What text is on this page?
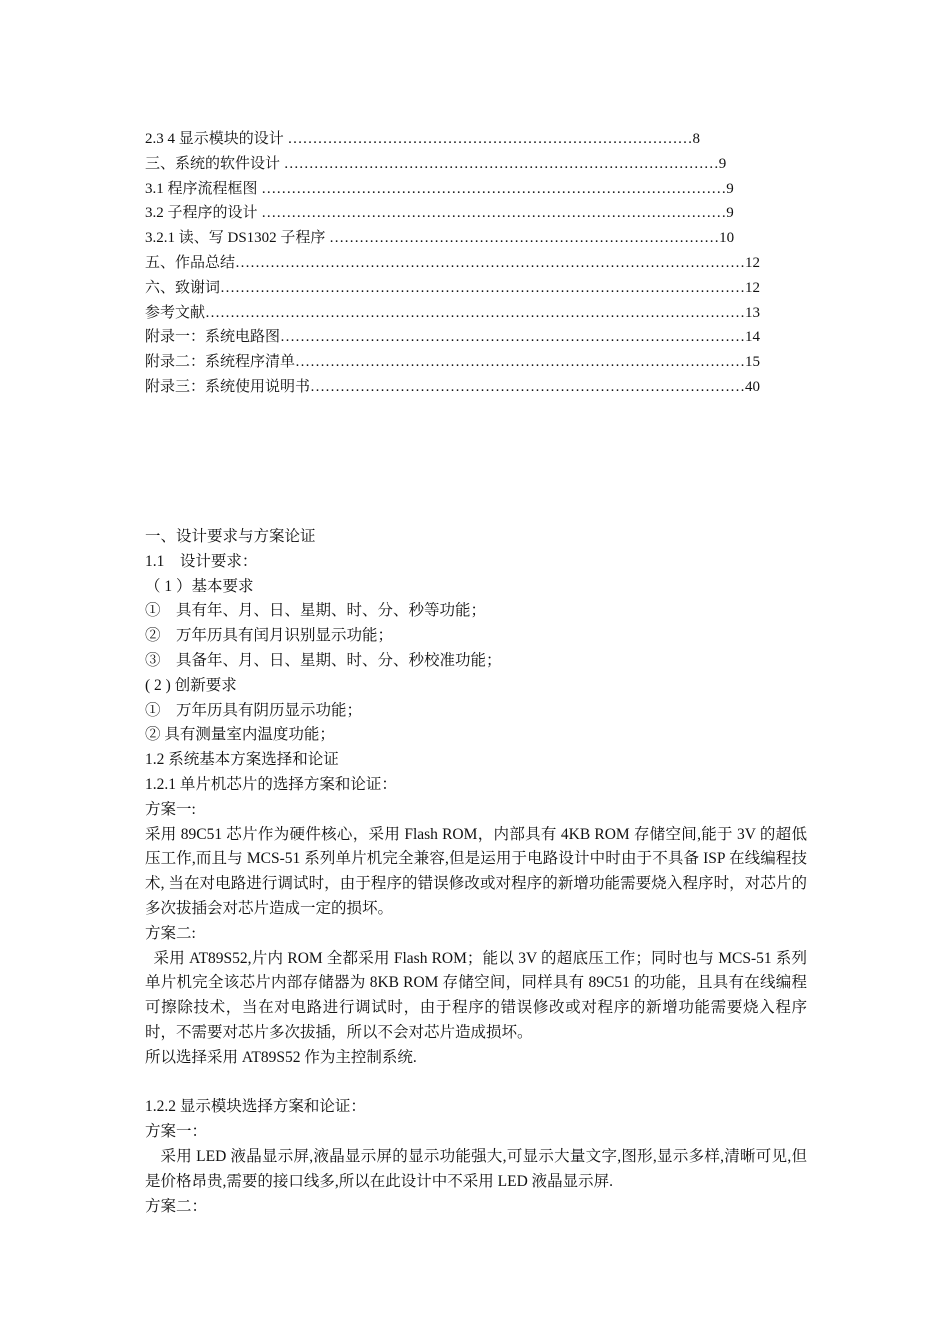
2.3 4 显示模块的设计 ………………………………………………………………………8
三、系统的软件设计 ……………………………………………………………………………9
3.1 程序流程框图 …………………………………………………………………………………9
3.2 子程序的设计 …………………………………………………………………………………9
3.2.1 读、写 DS1302 子程序 ……………………………………………………………………10
五、作品总结…………………………………………………………………………………………12
六、致谢词……………………………………………………………………………………………12
参考文献………………………………………………………………………………………………13
附录一：系统电路图…………………………………………………………………………………14
附录二：系统程序清单………………………………………………………………………………15
附录三：系统使用说明书……………………………………………………………………………40
一、设计要求与方案论证
1.1　设计要求：
（ 1 ）基本要求
①　具有年、月、日、星期、时、分、秒等功能；
②　万年历具有闰月识别显示功能；
③　具备年、月、日、星期、时、分、秒校准功能；
( 2 ) 创新要求
①　万年历具有阴历显示功能；
② 具有测量室内温度功能；
1.2 系统基本方案选择和论证
1.2.1 单片机芯片的选择方案和论证：
方案一:
采用 89C51 芯片作为硬件核心，采用 Flash ROM，内部具有 4KB ROM 存储空间,能于 3V 的超低压工作,而且与 MCS-51 系列单片机完全兼容,但是运用于电路设计中时由于不具备 ISP 在线编程技术, 当在对电路进行调试时，由于程序的错误修改或对程序的新增功能需要烧入程序时，对芯片的多次拔插会对芯片造成一定的损坏。
方案二:
采用 AT89S52,片内 ROM 全都采用 Flash ROM；能以 3V 的超底压工作；同时也与 MCS-51 系列单片机完全该芯片内部存储器为 8KB ROM 存储空间，同样具有 89C51 的功能，且具有在线编程可擦除技术，当在对电路进行调试时，由于程序的错误修改或对程序的新增功能需要烧入程序时，不需要对芯片多次拔插，所以不会对芯片造成损坏。
所以选择采用 AT89S52 作为主控制系统.
1.2.2 显示模块选择方案和论证：
方案一：
采用 LED 液晶显示屏,液晶显示屏的显示功能强大,可显示大量文字,图形,显示多样,清晰可见,但是价格昂贵,需要的接口线多,所以在此设计中不采用 LED 液晶显示屏.
方案二：
